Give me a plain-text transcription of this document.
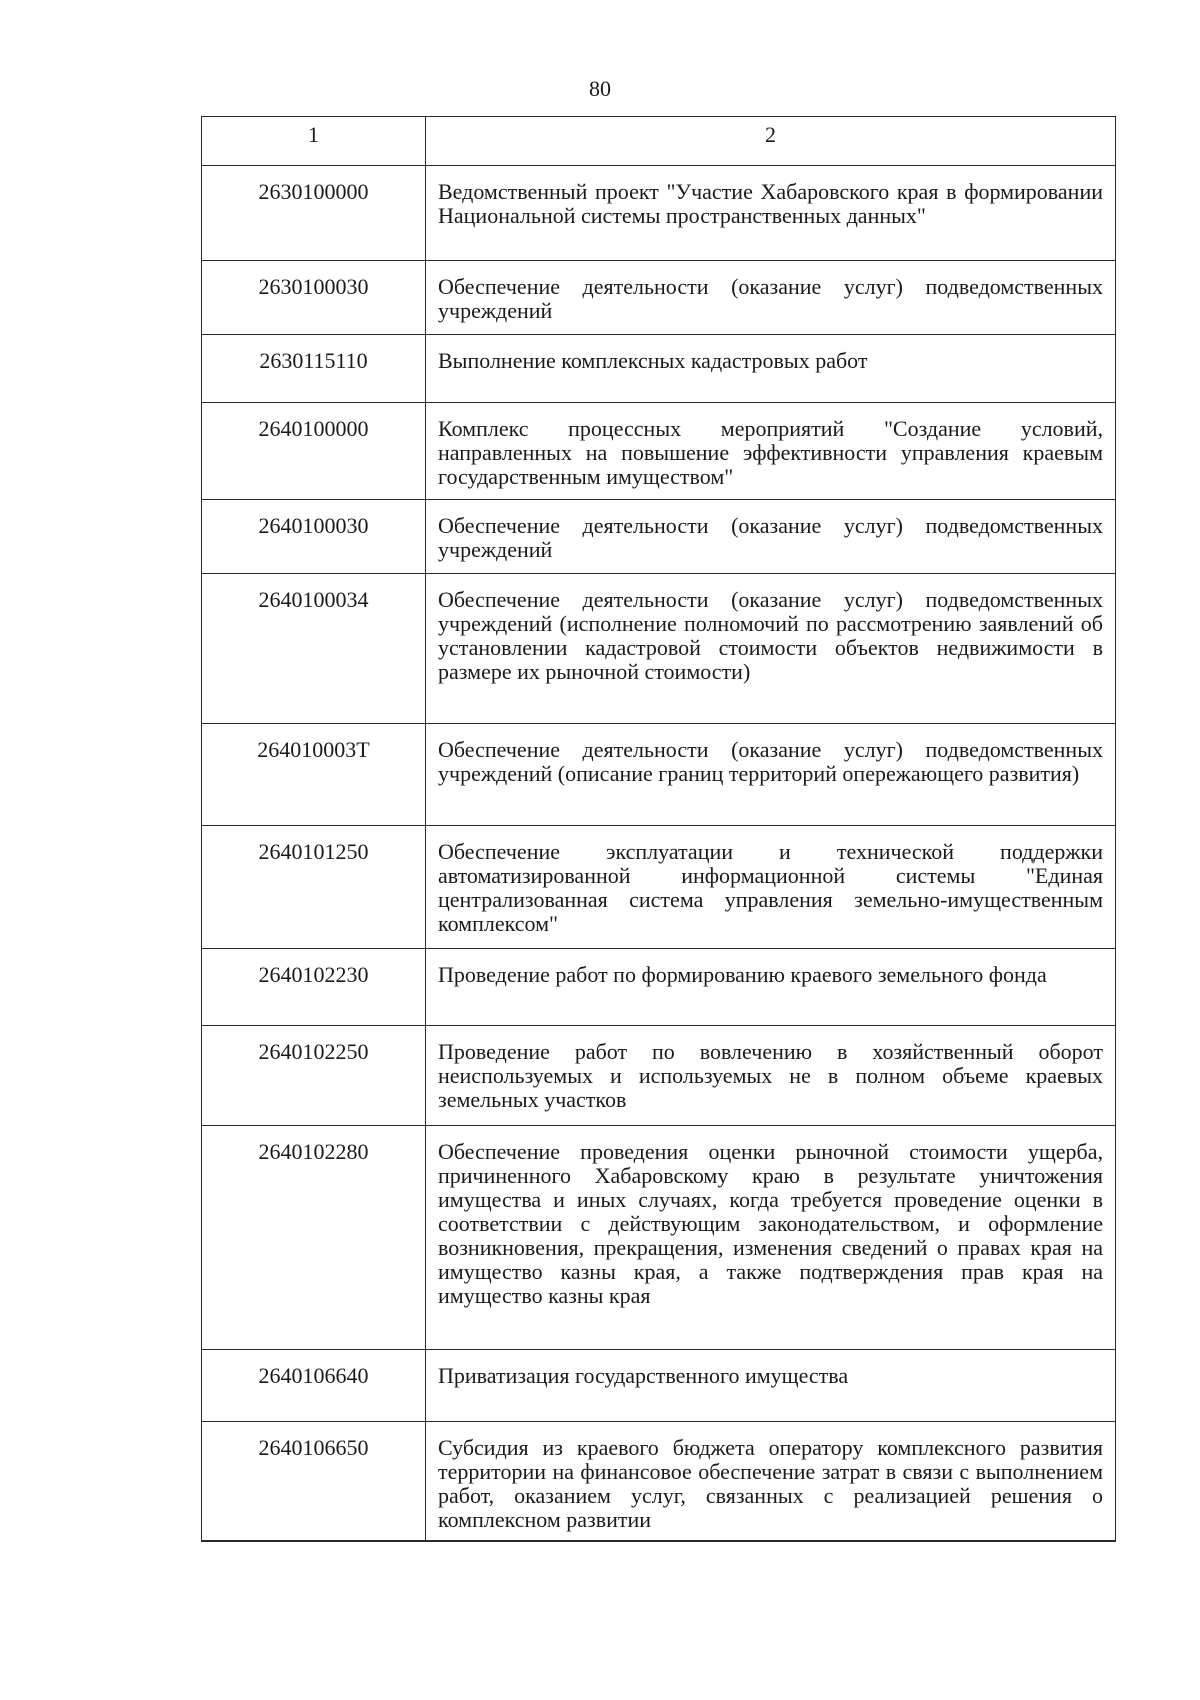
80
1	2
2630100000	Ведомственный проект "Участие Хабаровского края в формировании Национальной системы пространственных данных"
2630100030	Обеспечение деятельности (оказание услуг) подведомственных учреждений
2630115110	Выполнение комплексных кадастровых работ
2640100000	Комплекс процессных мероприятий "Создание условий, направленных на повышение эффективности управления краевым государственным имуществом"
2640100030	Обеспечение деятельности (оказание услуг) подведомственных учреждений
2640100034	Обеспечение деятельности (оказание услуг) подведомственных учреждений (исполнение полномочий по рассмотрению заявлений об установлении кадастровой стоимости объектов недвижимости в размере их рыночной стоимости)
264010003Т	Обеспечение деятельности (оказание услуг) подведомственных учреждений (описание границ территорий опережающего развития)
2640101250	Обеспечение эксплуатации и технической поддержки автоматизированной информационной системы "Единая централизованная система управления земельно-имущественным комплексом"
2640102230	Проведение работ по формированию краевого земельного фонда
2640102250	Проведение работ по вовлечению в хозяйственный оборот неиспользуемых и используемых не в полном объеме краевых земельных участков
2640102280	Обеспечение проведения оценки рыночной стоимости ущерба, причиненного Хабаровскому краю в результате уничтожения имущества и иных случаях, когда требуется проведение оценки в соответствии с действующим законодательством, и оформление возникновения, прекращения, изменения сведений о правах края на имущество казны края, а также подтверждения прав края на имущество казны края
2640106640	Приватизация государственного имущества
2640106650	Субсидия из краевого бюджета оператору комплексного развития территории на финансовое обеспечение затрат в связи с выполнением работ, оказанием услуг, связанных с реализацией решения о комплексном развитии
